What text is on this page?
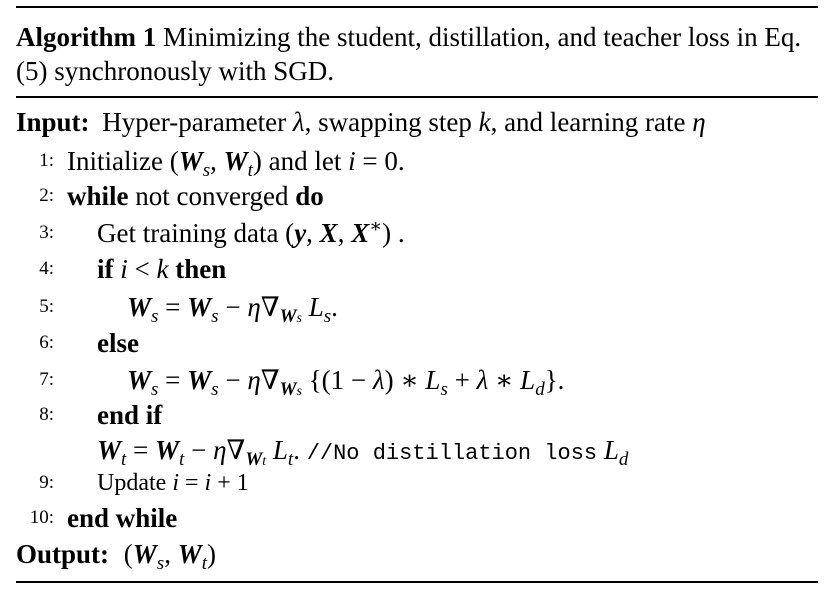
Algorithm 1 Minimizing the student, distillation, and teacher loss in Eq.(5) synchronously with SGD.
Input: Hyper-parameter λ, swapping step k, and learning rate η
1: Initialize ($W_s$, $W_t$) and let i = 0.
2: while not converged do
3: Get training data (y, X, X∗) .
4: if i < k then
5:	$W_s = W_s - \eta\nabla_{Ws}$ $L_s$.
6: else
7:	$W_s = W_s - \eta\nabla_{Ws}$ {(1 − λ) ∗ $L_s + \lambda$ ∗ $L_d$}.
8: end if
$W_t = W_t - \eta\nabla_{Wt}$ $L_t$. //No distillation loss $L_d$
9: Update i = i + 1
10: end while
Output: ($W_s$, $W_t$)
